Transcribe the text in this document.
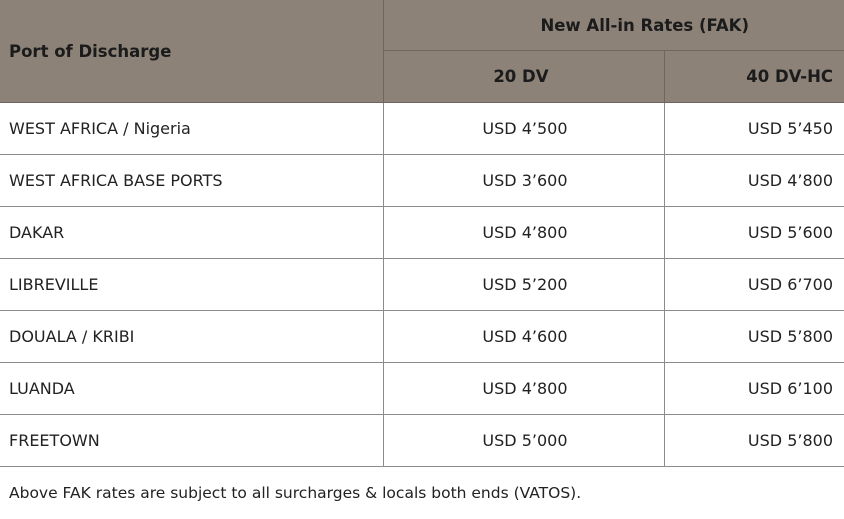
Port of Discharge	New All-in Rates (FAK)	
	20 DV	40 DV-HC
WEST AFRICA / Nigeria	USD 4’500	USD 5’450
WEST AFRICA BASE PORTS	USD 3’600	USD 4’800
DAKAR	USD 4’800	USD 5’600
LIBREVILLE	USD 5’200	USD 6’700
DOUALA / KRIBI	USD 4’600	USD 5’800
LUANDA	USD 4’800	USD 6’100
FREETOWN	USD 5’000	USD 5’800
Above FAK rates are subject to all surcharges & locals both ends (VATOS).
